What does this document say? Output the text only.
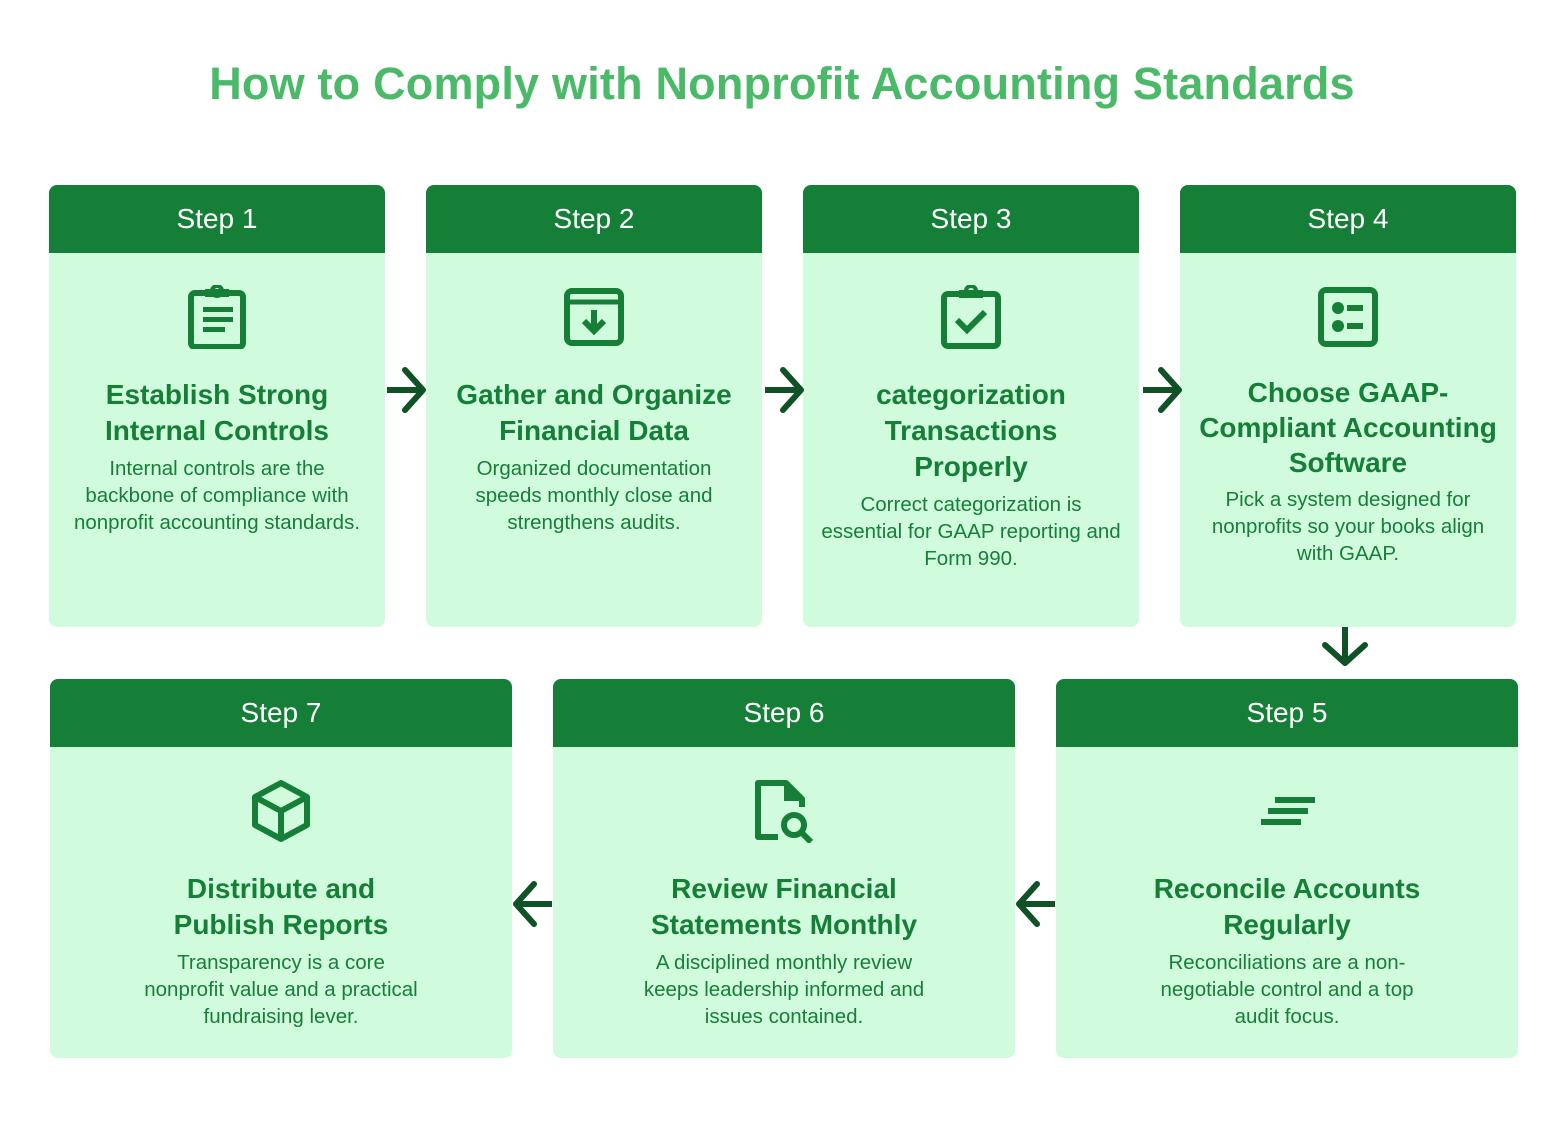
How to Comply with Nonprofit Accounting Standards
Step 1
Establish Strong Internal Controls
Internal controls are the backbone of compliance with nonprofit accounting standards.
Step 2
Gather and Organize Financial Data
Organized documentation speeds monthly close and strengthens audits.
Step 3
categorization Transactions Properly
Correct categorization is essential for GAAP reporting and Form 990.
Step 4
Choose GAAP-Compliant Accounting Software
Pick a system designed for nonprofits so your books align with GAAP.
Step 7
Distribute and Publish Reports
Transparency is a core nonprofit value and a practical fundraising lever.
Step 6
Review Financial Statements Monthly
A disciplined monthly review keeps leadership informed and issues contained.
Step 5
Reconcile Accounts Regularly
Reconciliations are a non-negotiable control and a top audit focus.
